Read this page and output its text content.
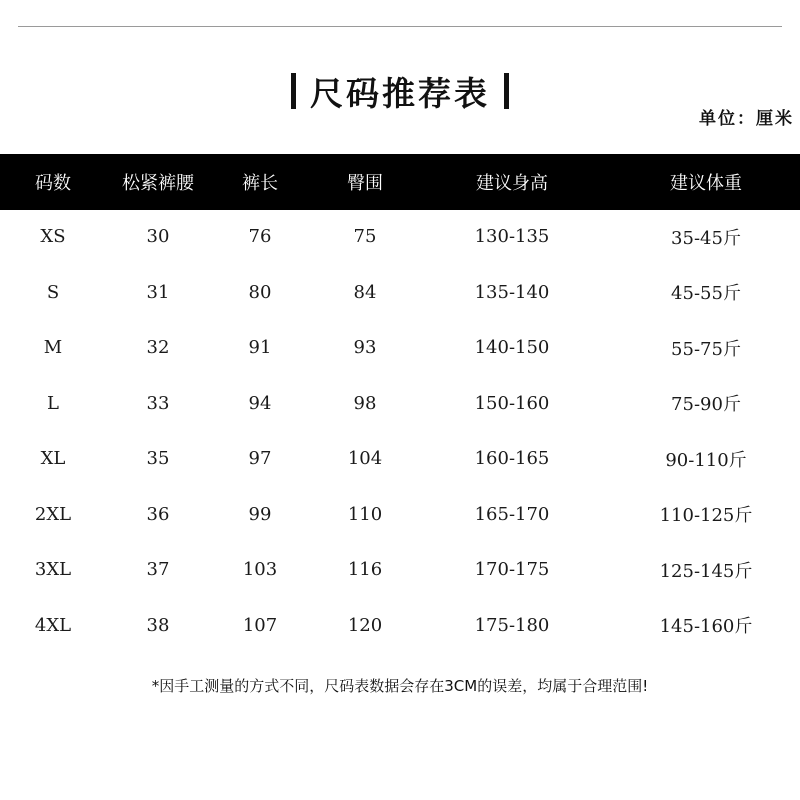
尺码推荐表
单位：厘米
码数	松紧裤腰	裤长	臀围	建议身高	建议体重
XS	30	76	75	130-135	35-45斤
S	31	80	84	135-140	45-55斤
M	32	91	93	140-150	55-75斤
L	33	94	98	150-160	75-90斤
XL	35	97	104	160-165	90-110斤
2XL	36	99	110	165-170	110-125斤
3XL	37	103	116	170-175	125-145斤
4XL	38	107	120	175-180	145-160斤
*因手工测量的方式不同，尺码表数据会存在3CM的误差，均属于合理范围!
